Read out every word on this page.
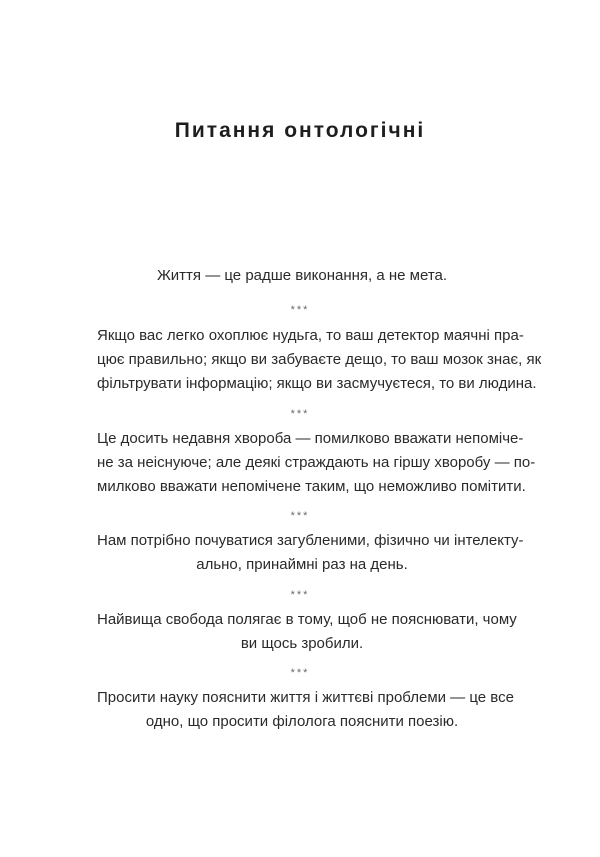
Питання онтологічні
Життя — це радше виконання, а не мета.
***
Якщо вас легко охоплює нудьга, то ваш детектор маячні пра-
цює правильно; якщо ви забуваєте дещо, то ваш мозок знає, як
фільтрувати інформацію; якщо ви засмучуєтеся, то ви людина.
***
Це досить недавня хвороба — помилково вважати непоміче-
не за неіснуюче; але деякі страждають на гіршу хворобу — по-
милково вважати непомічене таким, що неможливо помітити.
***
Нам потрібно почуватися загубленими, фізично чи інтелекту-
ально, принаймні раз на день.
***
Найвища свобода полягає в тому, щоб не пояснювати, чому
ви щось зробили.
***
Просити науку пояснити життя і життєві проблеми — це все
одно, що просити філолога пояснити поезію.
